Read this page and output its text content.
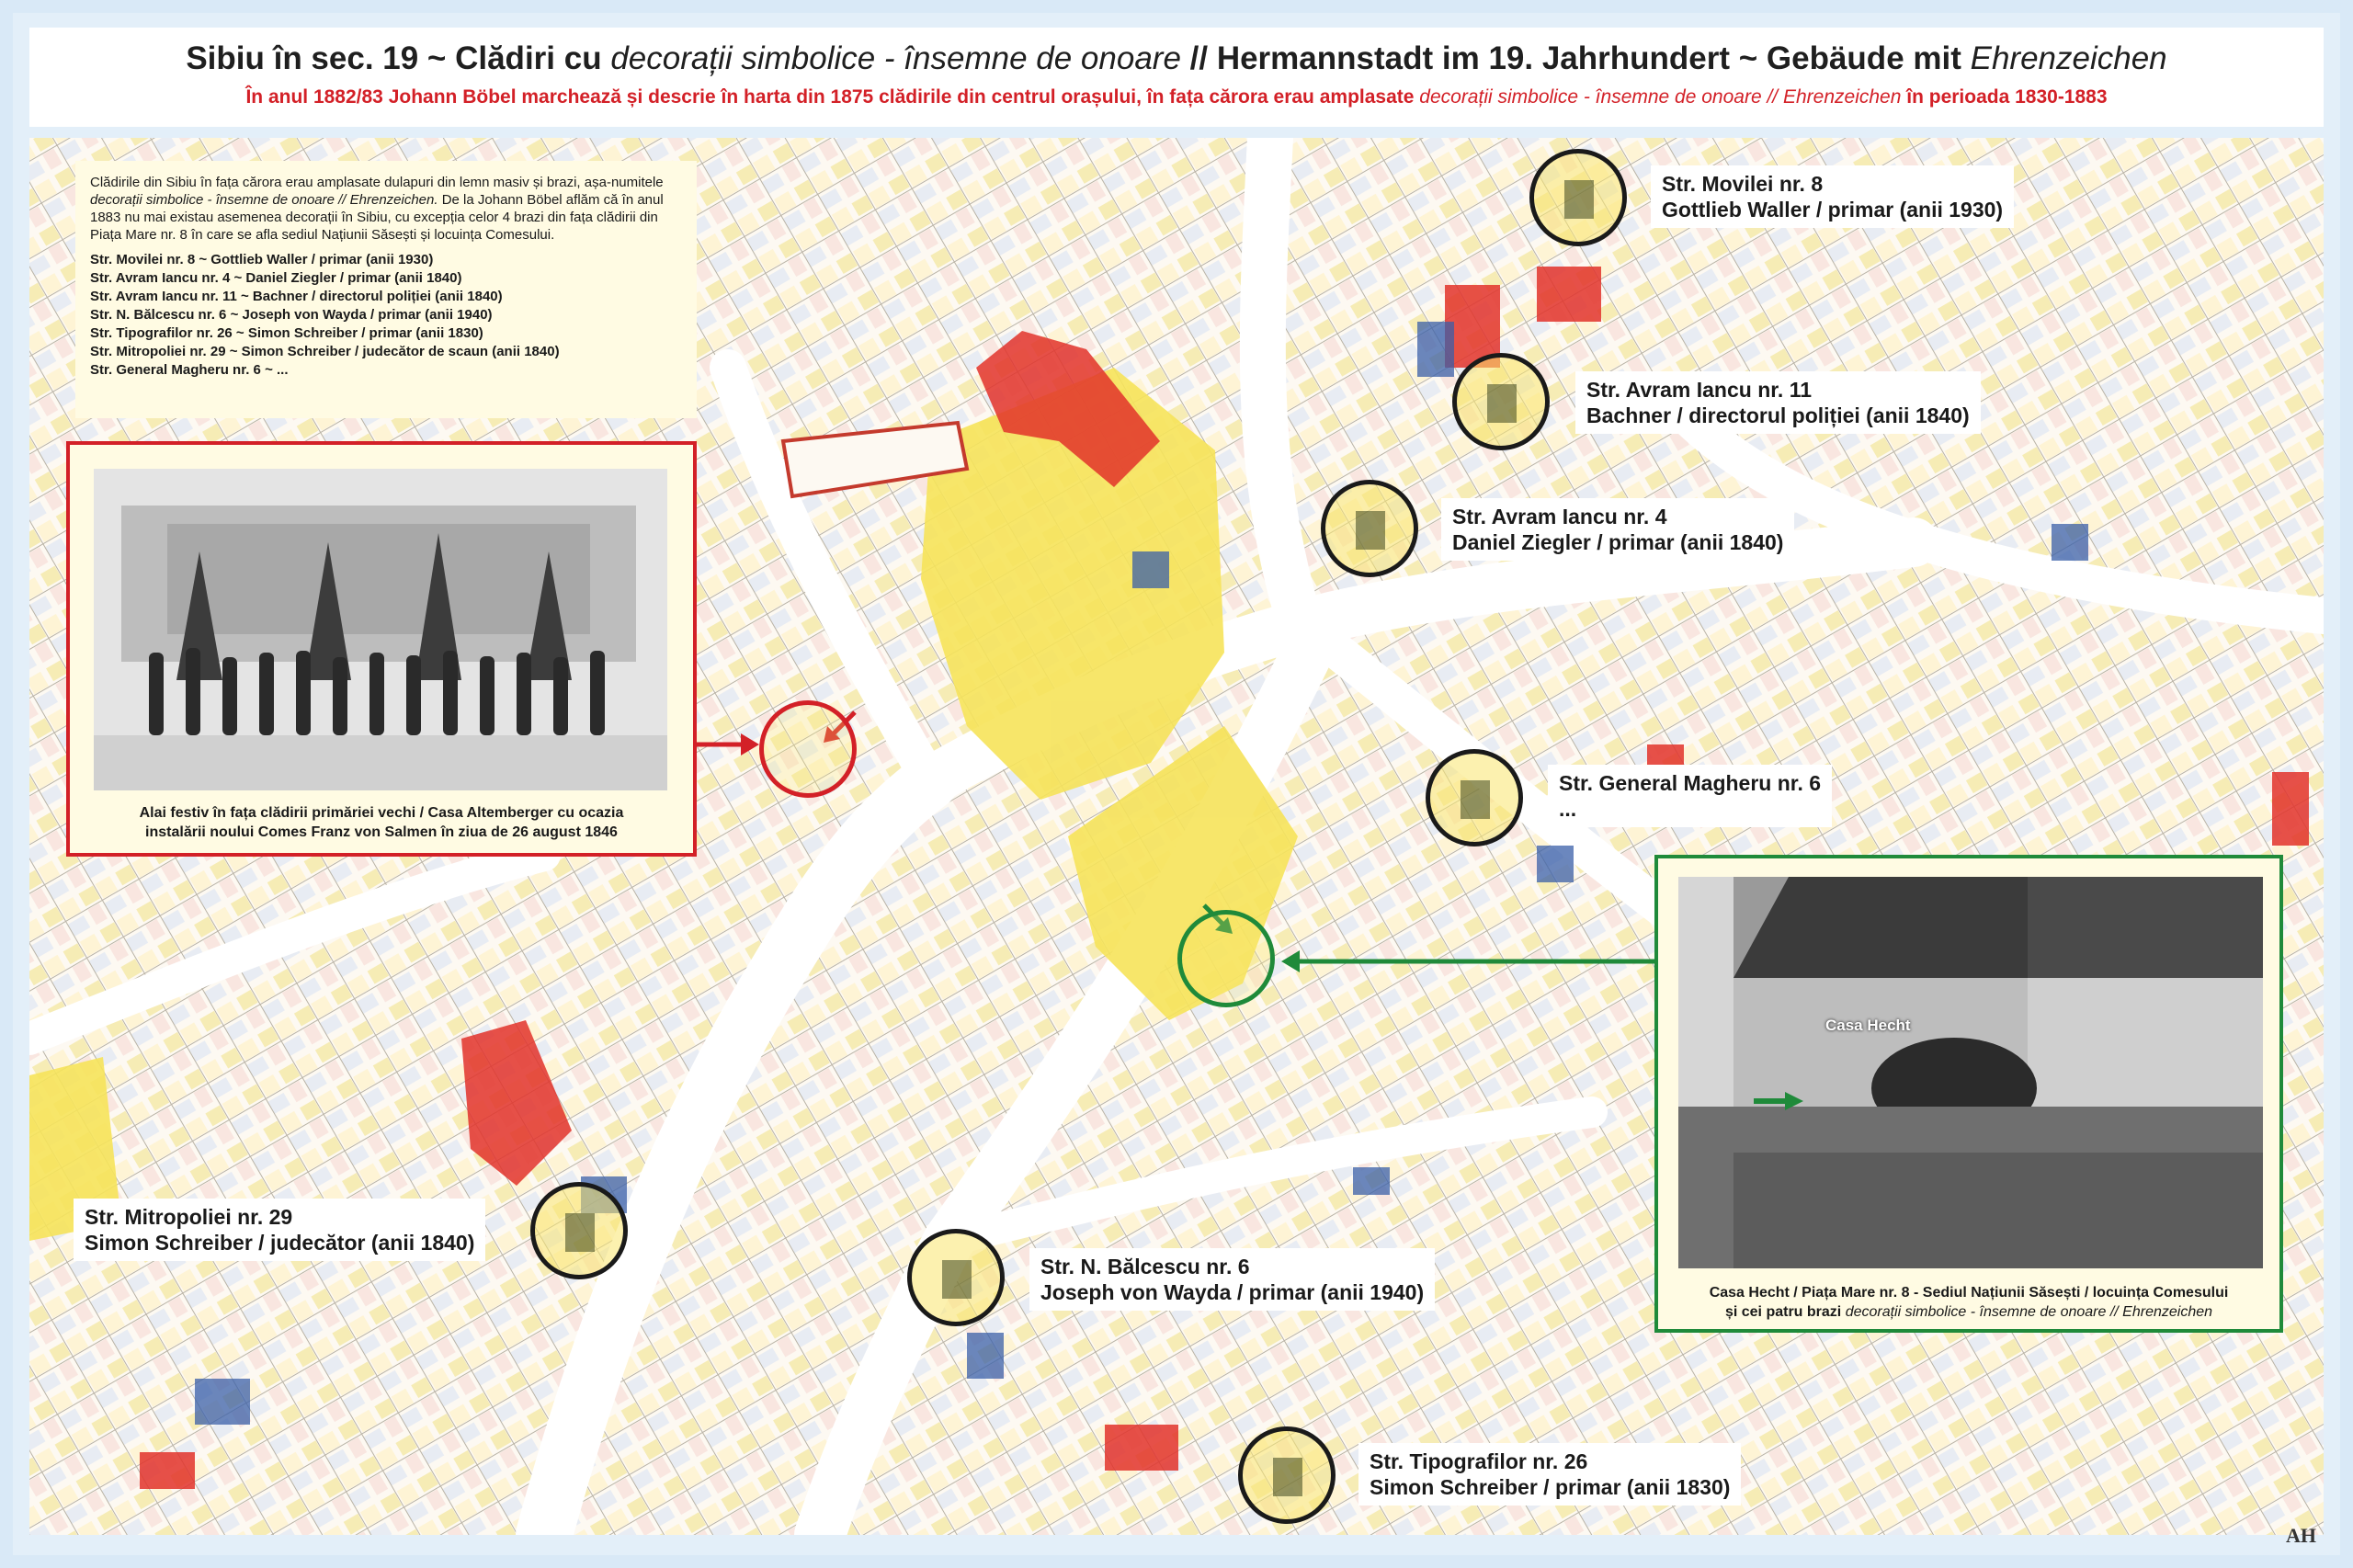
Sibiu în sec. 19 ~ Clădiri cu decorații simbolice - însemne de onoare // Hermannstadt im 19. Jahrhundert ~ Gebäude mit Ehrenzeichen
În anul 1882/83 Johann Böbel marchează și descrie în harta din 1875 clădirile din centrul orașului, în fața cărora erau amplasate decorații simbolice - însemne de onoare // Ehrenzeichen în perioada 1830-1883

Clădirile din Sibiu în fața cărora erau amplasate dulapuri din lemn masiv și brazi, așa-numitele decorații simbolice - însemne de onoare // Ehrenzeichen. De la Johann Böbel aflăm că în anul 1883 nu mai existau asemenea decorații în Sibiu, cu excepția celor 4 brazi din fața clădirii din Piața Mare nr. 8 în care se afla sediul Națiunii Săsești și locuința Comesului.

Str. Movilei nr. 8 ~ Gottlieb Waller / primar (anii 1930)
Str. Avram Iancu nr. 4 ~ Daniel Ziegler / primar (anii 1840)
Str. Avram Iancu nr. 11 ~ Bachner / directorul poliției (anii 1840)
Str. N. Bălcescu nr. 6 ~ Joseph von Wayda / primar (anii 1940)
Str. Tipografilor nr. 26 ~ Simon Schreiber / primar (anii 1830)
Str. Mitropoliei nr. 29 ~ Simon Schreiber / judecător de scaun (anii 1840)
Str. General Magheru nr. 6 ~ ...
Alai festiv în fața clădirii primăriei vechi / Casa Altemberger cu ocazia
instalării noului Comes Franz von Salmen în ziua de 26 august 1846
Casa Hecht
Casa Hecht / Piața Mare nr. 8 - Sediul Națiunii Săsești / locuința Comesului
și cei patru brazi decorații simbolice - însemne de onoare // Ehrenzeichen
Str. Movilei nr. 8
Gottlieb Waller / primar (anii 1930)
Str. Avram Iancu nr. 11
Bachner / directorul poliției (anii 1840)
Str. Avram Iancu nr. 4
Daniel Ziegler / primar (anii 1840)
Str. General Magheru nr. 6
...
Str. Mitropoliei nr. 29
Simon Schreiber / judecător (anii 1840)
Str. N. Bălcescu nr. 6
Joseph von Wayda / primar (anii 1940)
Str. Tipografilor nr. 26
Simon Schreiber / primar (anii 1830)
AH
